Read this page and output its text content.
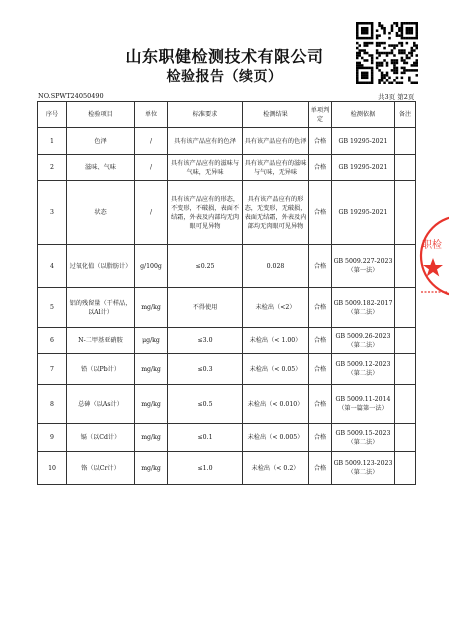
山东职健检测技术有限公司
检验报告（续页）
NO.SPWT24050490	共3页 第2页
序号	检验项目	单位	标准要求	检测结果	单项判定	检测依据	备注
1	色泽	/	具有该产品应有的色泽	具有该产品应有的色泽	合格	GB 19295-2021	
2	滋味、气味	/	具有该产品应有的滋味与气味，无异味	具有该产品应有的滋味与气味，无异味	合格	GB 19295-2021	
3	状态	/	具有该产品应有的形态，不变形，不破损，表面不结霜，外表及内部均无肉眼可见异物	具有该产品应有的形态，无变形，无破损，表面无结霜，外表及内部均无肉眼可见异物	合格	GB 19295-2021	
4	过氧化值（以脂肪计）	g/100g	≤0.25	0.028	合格	GB 5009.227-2023（第一法）	
5	铝的残留量（干样品，以Al计）	mg/kg	不得使用	未检出（<2）	合格	GB 5009.182-2017（第二法）	
6	N-二甲基亚硝胺	μg/kg	≤3.0	未检出（< 1.00）	合格	GB 5009.26-2023（第二法）	
7	铅（以Pb计）	mg/kg	≤0.3	未检出（< 0.05）	合格	GB 5009.12-2023（第二法）	
8	总砷（以As计）	mg/kg	≤0.5	未检出（< 0.010）	合格	GB 5009.11-2014（第一篇第一法）	
9	镉（以Cd计）	mg/kg	≤0.1	未检出（< 0.005）	合格	GB 5009.15-2023（第二法）	
10	铬（以Cr计）	mg/kg	≤1.0	未检出（< 0.2）	合格	GB 5009.123-2023（第二法）	
职检
